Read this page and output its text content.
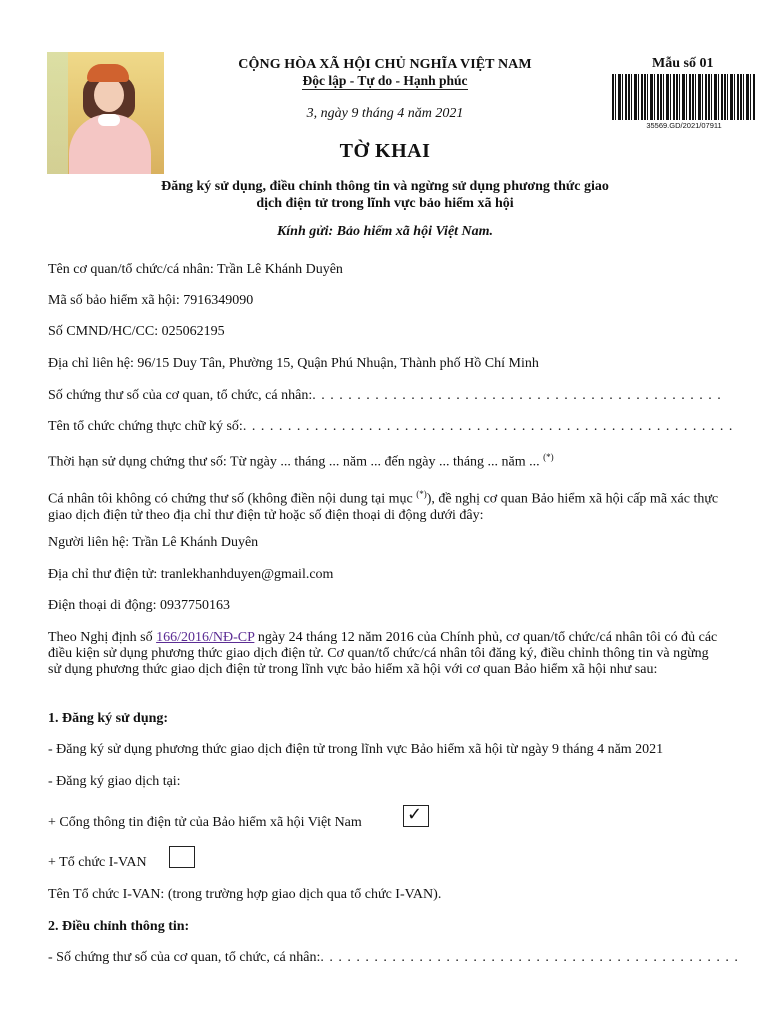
CỘNG HÒA XÃ HỘI CHỦ NGHĨA VIỆT NAM
Độc lập - Tự do - Hạnh phúc
3, ngày 9 tháng 4 năm 2021
Mẫu số 01
35569.GD/2021/07911
TỜ KHAI
Đăng ký sử dụng, điều chỉnh thông tin và ngừng sử dụng phương thức giao dịch điện tử trong lĩnh vực bảo hiểm xã hội
Kính gửi: Bảo hiểm xã hội Việt Nam.
Tên cơ quan/tổ chức/cá nhân: Trần Lê Khánh Duyên
Mã số bảo hiểm xã hội: 7916349090
Số CMND/HC/CC: 025062195
Địa chỉ liên hệ: 96/15 Duy Tân, Phường 15, Quận Phú Nhuận, Thành phố Hồ Chí Minh
Số chứng thư số của cơ quan, tổ chức, cá nhân:. . . . . . . . . . . . . . . . . . . . . . . . . . . . . . . . . . . . . . . . . . . . . .
Tên tổ chức chứng thực chữ ký số:. . . . . . . . . . . . . . . . . . . . . . . . . . . . . . . . . . . . . . . . . . . . . . . . . . . . . . .
Thời hạn sử dụng chứng thư số: Từ ngày ... tháng ... năm ... đến ngày ... tháng ... năm ... (*)
Cá nhân tôi không có chứng thư số (không điền nội dung tại mục (*)), đề nghị cơ quan Bảo hiểm xã hội cấp mã xác thực giao dịch điện tử theo địa chỉ thư điện tử hoặc số điện thoại di động dưới đây:
Người liên hệ: Trần Lê Khánh Duyên
Địa chỉ thư điện tử: tranlekhanhduyen@gmail.com
Điện thoại di động: 0937750163
Theo Nghị định số 166/2016/NĐ-CP ngày 24 tháng 12 năm 2016 của Chính phủ, cơ quan/tổ chức/cá nhân tôi có đủ các điều kiện sử dụng phương thức giao dịch điện tử. Cơ quan/tổ chức/cá nhân tôi đăng ký, điều chỉnh thông tin và ngừng sử dụng phương thức giao dịch điện tử trong lĩnh vực bảo hiểm xã hội với cơ quan Bảo hiểm xã hội như sau:
1. Đăng ký sử dụng:
- Đăng ký sử dụng phương thức giao dịch điện tử trong lĩnh vực Bảo hiểm xã hội từ ngày 9 tháng 4 năm 2021
- Đăng ký giao dịch tại:
+ Cổng thông tin điện tử của Bảo hiểm xã hội Việt Nam	✓
+ Tổ chức I-VAN
Tên Tổ chức I-VAN: (trong trường hợp giao dịch qua tổ chức I-VAN).
2. Điều chỉnh thông tin:
- Số chứng thư số của cơ quan, tổ chức, cá nhân:. . . . . . . . . . . . . . . . . . . . . . . . . . . . . . . . . . . . . . . . . . . . . . .
